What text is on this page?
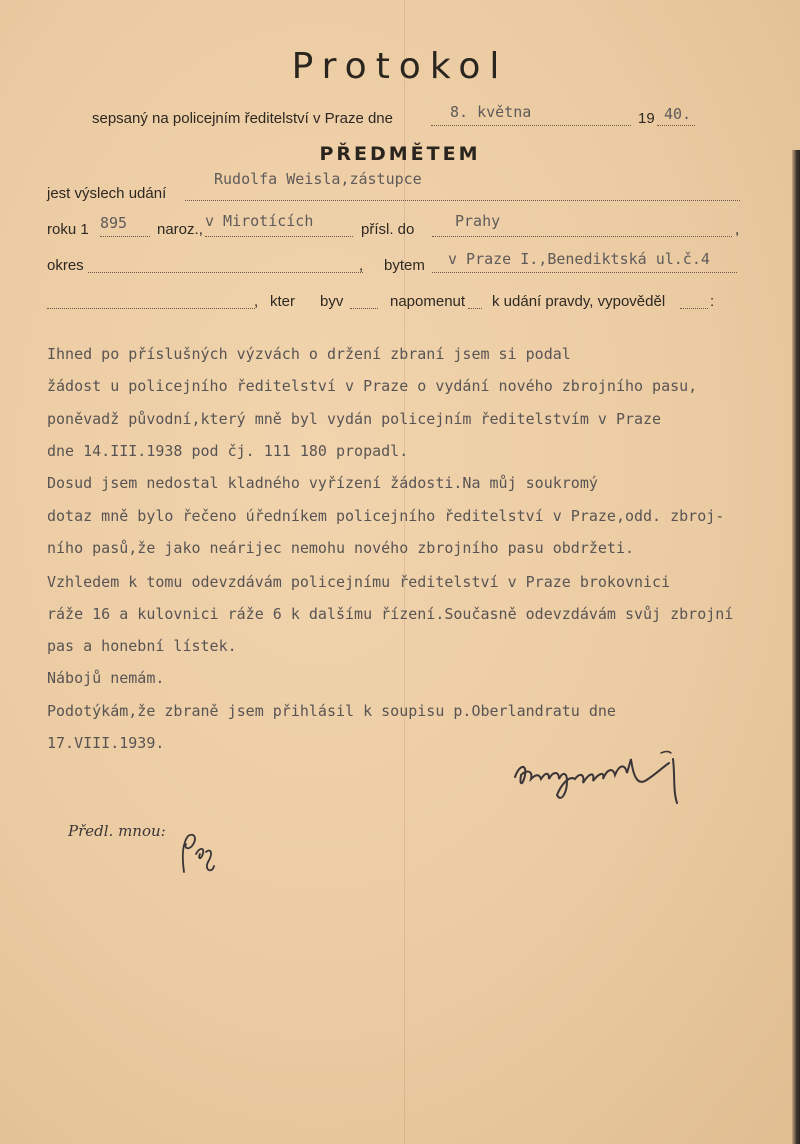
Protokol
sepsaný na policejním ředitelství v Praze dne	8. května	19 40.
PŘEDMĚTEM
jest výslech udání
Rudolfa Weisla,zástupce
roku 1 895 naroz., v Mirotících	přísl. do	Prahy	,
okres	, bytem v Praze I.,Benediktská ul.č.4
, kter byv	napomenut k udání pravdy, vypověděl	:
Ihned po příslušných výzvách o držení zbraní jsem si podal
žádost u policejního ředitelství v Praze o vydání nového zbrojního pasu,
poněvadž původní,který mně byl vydán policejním ředitelstvím v Praze
dne 14.III.1938 pod čj. 111 180 propadl.
Dosud jsem nedostal kladného vyřízení žádosti.Na můj soukromý
dotaz mně bylo řečeno úředníkem policejního ředitelství v Praze,odd. zbroj-
ního pasů,že jako neárijec nemohu nového zbrojního pasu obdržeti.
Vzhledem k tomu odevzdávám policejnímu ředitelství v Praze brokovnici
ráže 16 a kulovnici ráže 6 k dalšímu řízení.Současně odevzdávám svůj zbrojní
pas a honební lístek.
Nábojů nemám.
Podotýkám,že zbraně jsem přihlásil k soupisu p.Oberlandratu dne
17.VIII.1939.
Předl. mnou:
